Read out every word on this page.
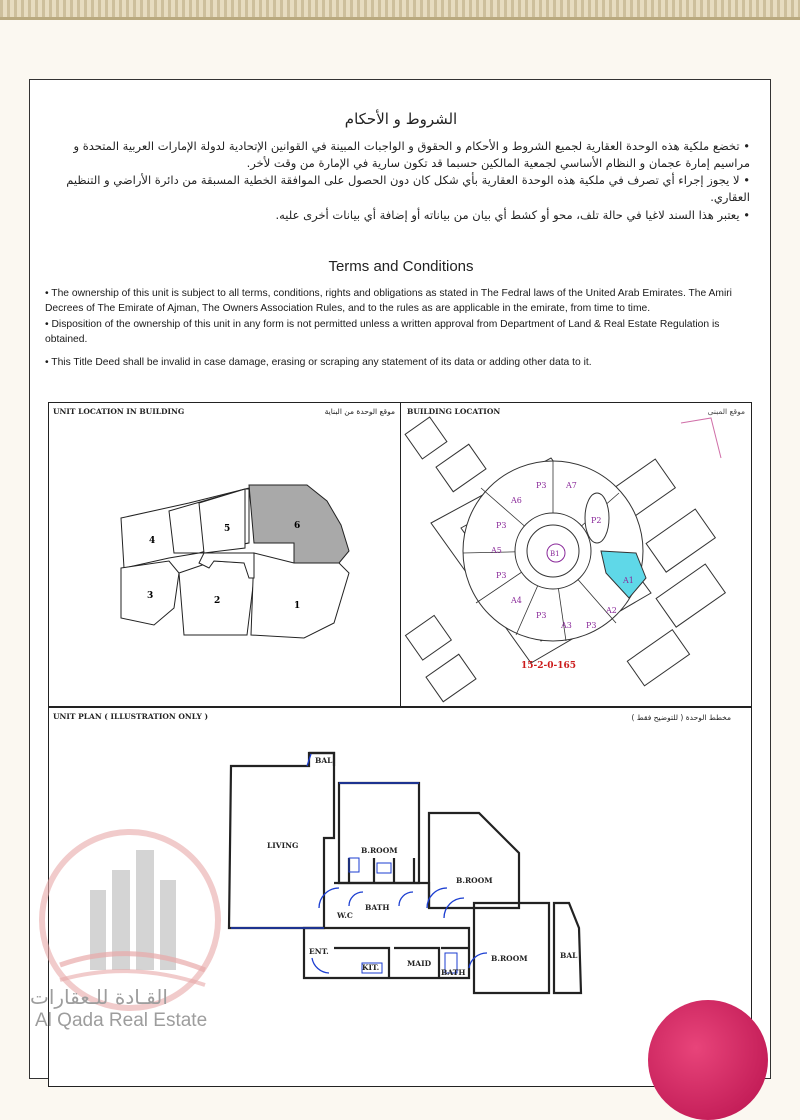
الشروط و الأحكام
• تخضع ملكية هذه الوحدة العقارية لجميع الشروط و الأحكام و الحقوق و الواجبات المبينة في القوانين الإتحادية لدولة الإمارات العربية المتحدة و مراسيم إمارة عجمان و النظام الأساسي لجمعية المالكين حسبما قد تكون سارية في الإمارة من وقت لأخر.
• لا يجوز إجراء أي تصرف في ملكية هذه الوحدة العقارية بأي شكل كان دون الحصول على الموافقة الخطية المسبقة من دائرة الأراضي و التنظيم العقاري.
• يعتبر هذا السند لاغيا في حالة تلف، محو أو كشط أي بيان من بياناته أو إضافة أي بيانات أخرى عليه.
Terms and Conditions
• The ownership of this unit is subject to all terms, conditions, rights and obligations as stated in The Fedral laws of the United Arab Emirates. The Amiri Decrees of The Emirate of Ajman, The Owners Association Rules, and to the rules as are applicable in the emirate, from time to time.
• Disposition of the ownership of this unit in any form is not permitted unless a written approval from Department of Land & Real Estate Regulation is obtained.
• This Title Deed shall be invalid in case damage, erasing or scraping any statement of its data or adding other data to it.
UNIT LOCATION IN BUILDING	موقع الوحدة من البناية
5	6
4
3	2	1
BUILDING LOCATION	موقع المبنى
B1
A1
A2
P3
A3
P3
A4
P3
A5
P3
A6
P3 A7
P2
15-2-0-165
UNIT PLAN ( ILLUSTRATION ONLY )	مخطط الوحدة ( للتوضيح فقط )
LIVING
B.ROOM
B.ROOM
B.ROOM
BAL
BAL
BATH
BATH
W.C
ENT.
KIT.	MAID
القـادة للـعقارات
Al Qada Real Estate
